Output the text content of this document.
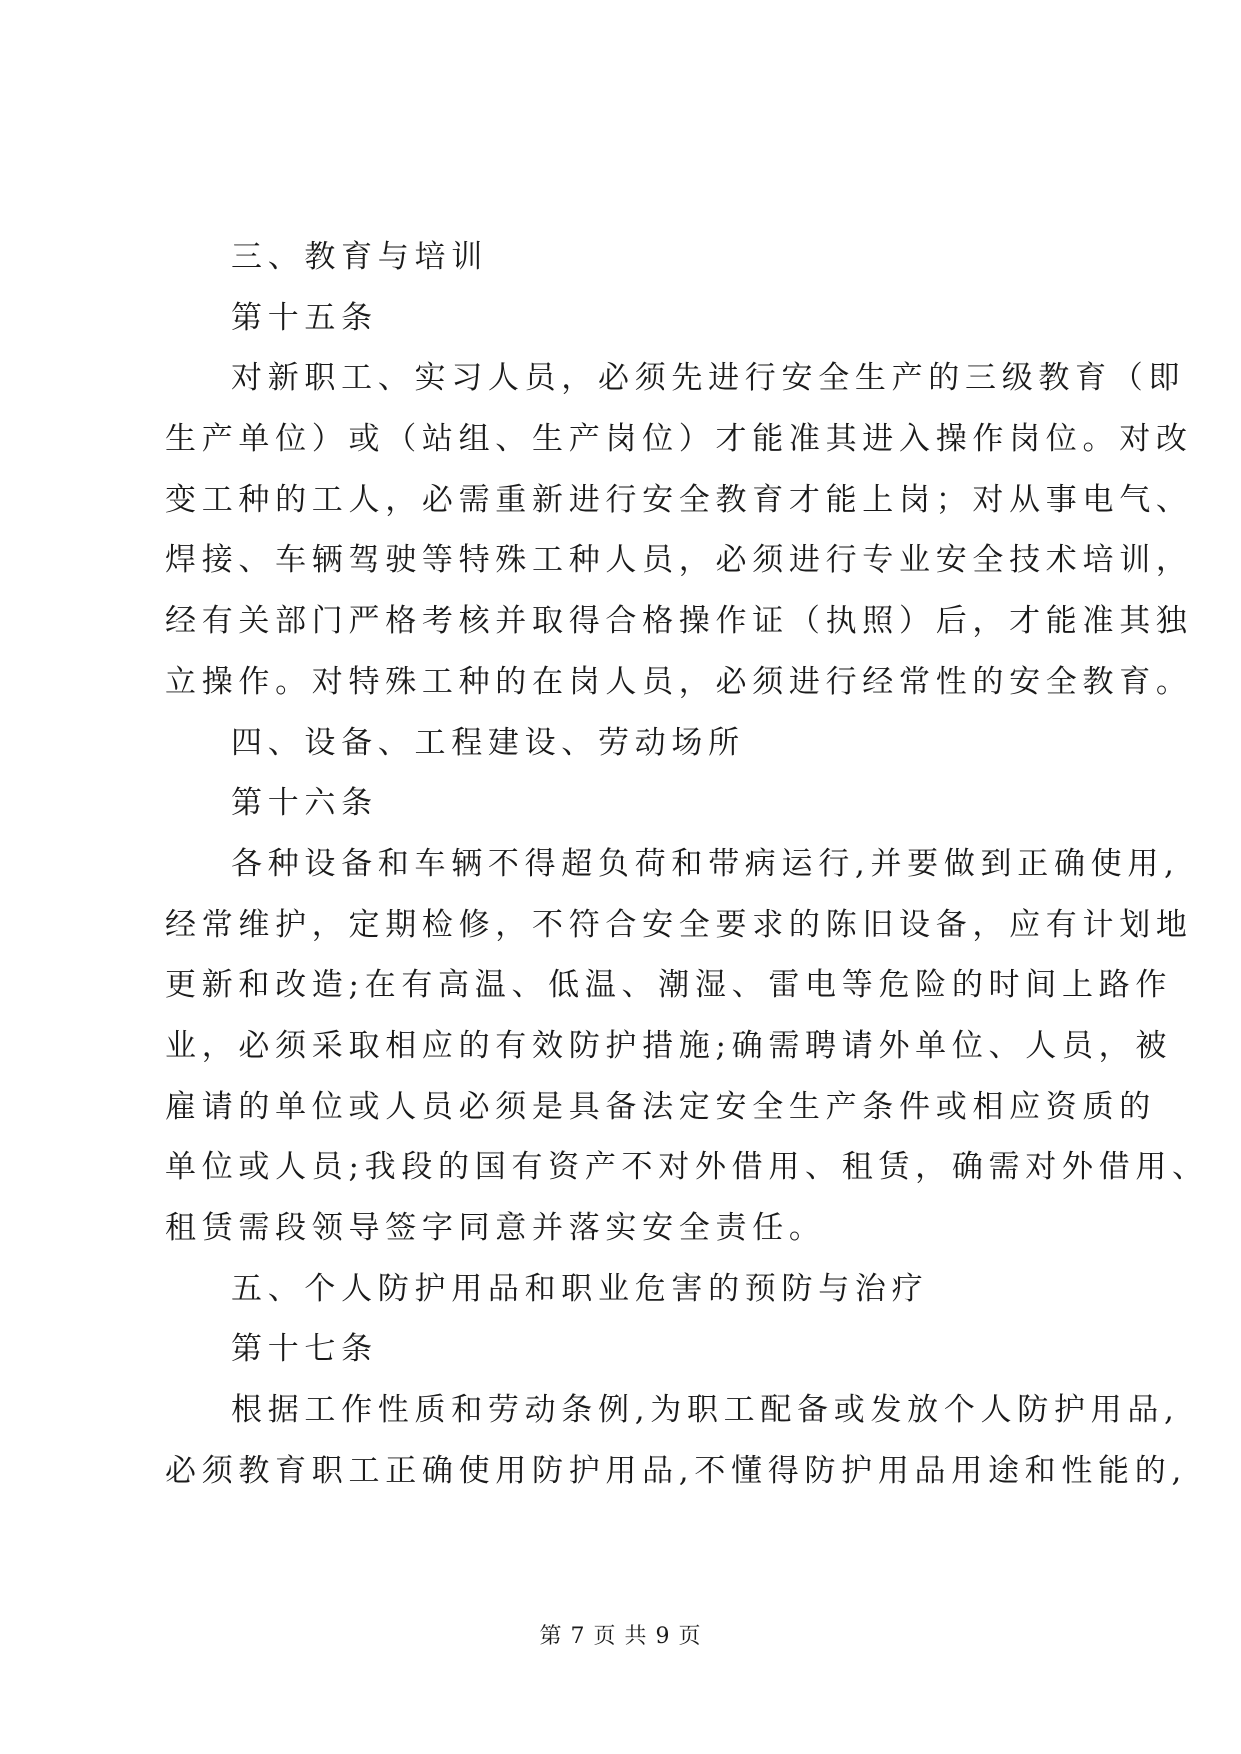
三、教育与培训
第十五条
对新职工、实习人员，必须先进行安全生产的三级教育（即
生产单位）或（站组、生产岗位）才能准其进入操作岗位。对改
变工种的工人，必需重新进行安全教育才能上岗；对从事电气、
焊接、车辆驾驶等特殊工种人员，必须进行专业安全技术培训，
经有关部门严格考核并取得合格操作证（执照）后，才能准其独
立操作。对特殊工种的在岗人员，必须进行经常性的安全教育。
四、设备、工程建设、劳动场所
第十六条
各种设备和车辆不得超负荷和带病运行,并要做到正确使用,
经常维护，定期检修，不符合安全要求的陈旧设备，应有计划地
更新和改造;在有高温、低温、潮湿、雷电等危险的时间上路作
业，必须采取相应的有效防护措施;确需聘请外单位、人员，被
雇请的单位或人员必须是具备法定安全生产条件或相应资质的
单位或人员;我段的国有资产不对外借用、租赁，确需对外借用、
租赁需段领导签字同意并落实安全责任。
五、个人防护用品和职业危害的预防与治疗
第十七条
根据工作性质和劳动条例,为职工配备或发放个人防护用品,
必须教育职工正确使用防护用品,不懂得防护用品用途和性能的,
第 7 页 共 9 页
